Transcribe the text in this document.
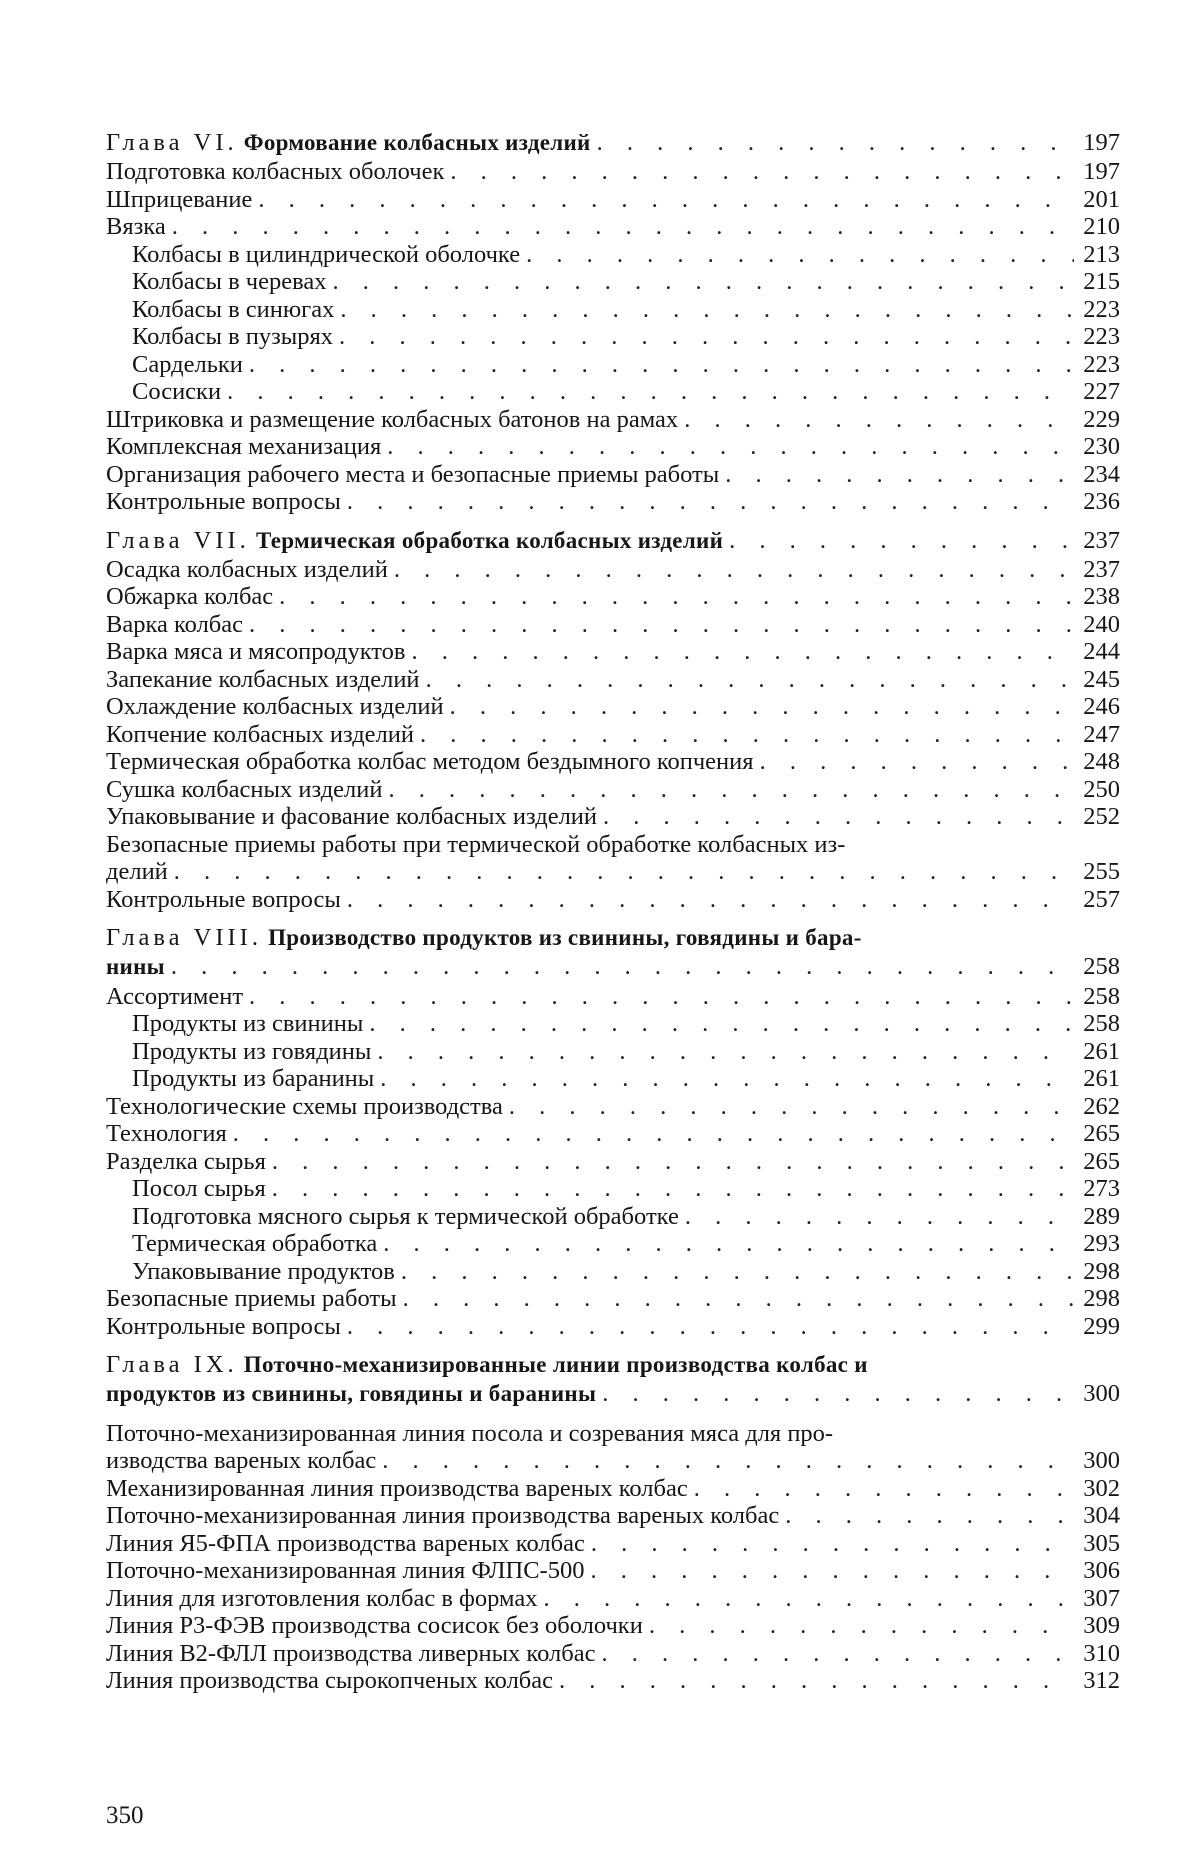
Глава VI. Формование колбасных изделий . . .	197
Подготовка колбасных оболочек . . .	197
Шприцевание . . .	201
Вязка . . .	210
Колбасы в цилиндрической оболочке . . .	213
Колбасы в черевах . . .	215
Колбасы в синюгах . . .	223
Колбасы в пузырях . . .	223
Сардельки . . .	223
Сосиски . . .	227
Штриковка и размещение колбасных батонов на рамах . . .	229
Комплексная механизация . . .	230
Организация рабочего места и безопасные приемы работы . . .	234
Контрольные вопросы . . .	236
Глава VII. Термическая обработка колбасных изделий . . .	237
Осадка колбасных изделий . . .	237
Обжарка колбас . . .	238
Варка колбас . . .	240
Варка мяса и мясопродуктов . . .	244
Запекание колбасных изделий . . .	245
Охлаждение колбасных изделий . . .	246
Копчение колбасных изделий . . .	247
Термическая обработка колбас методом бездымного копчения . . .	248
Сушка колбасных изделий . . .	250
Упаковывание и фасование колбасных изделий . . .	252
Безопасные приемы работы при термической обработке колбасных из-
делий . . .	255
Контрольные вопросы . . .	257
Глава VIII. Производство продуктов из свинины, говядины и бара-
нины . . .	258
Ассортимент . . .	258
Продукты из свинины . . .	258
Продукты из говядины . . .	261
Продукты из баранины . . .	261
Технологические схемы производства . . .	262
Технология . . .	265
Разделка сырья . . .	265
Посол сырья . . .	273
Подготовка мясного сырья к термической обработке . . .	289
Термическая обработка . . .	293
Упаковывание продуктов . . .	298
Безопасные приемы работы . . .	298
Контрольные вопросы . . .	299
Глава IX. Поточно-механизированные линии производства колбас и
продуктов из свинины, говядины и баранины . . .	300
Поточно-механизированная линия посола и созревания мяса для про-
изводства вареных колбас . . .	300
Механизированная линия производства вареных колбас . . .	302
Поточно-механизированная линия производства вареных колбас . . .	304
Линия Я5-ФПА производства вареных колбас . . .	305
Поточно-механизированная линия ФЛПС-500 . . .	306
Линия для изготовления колбас в формах . . .	307
Линия Р3-ФЭВ производства сосисок без оболочки . . .	309
Линия В2-ФЛЛ производства ливерных колбас . . .	310
Линия производства сырокопченых колбас . . .	312
350
